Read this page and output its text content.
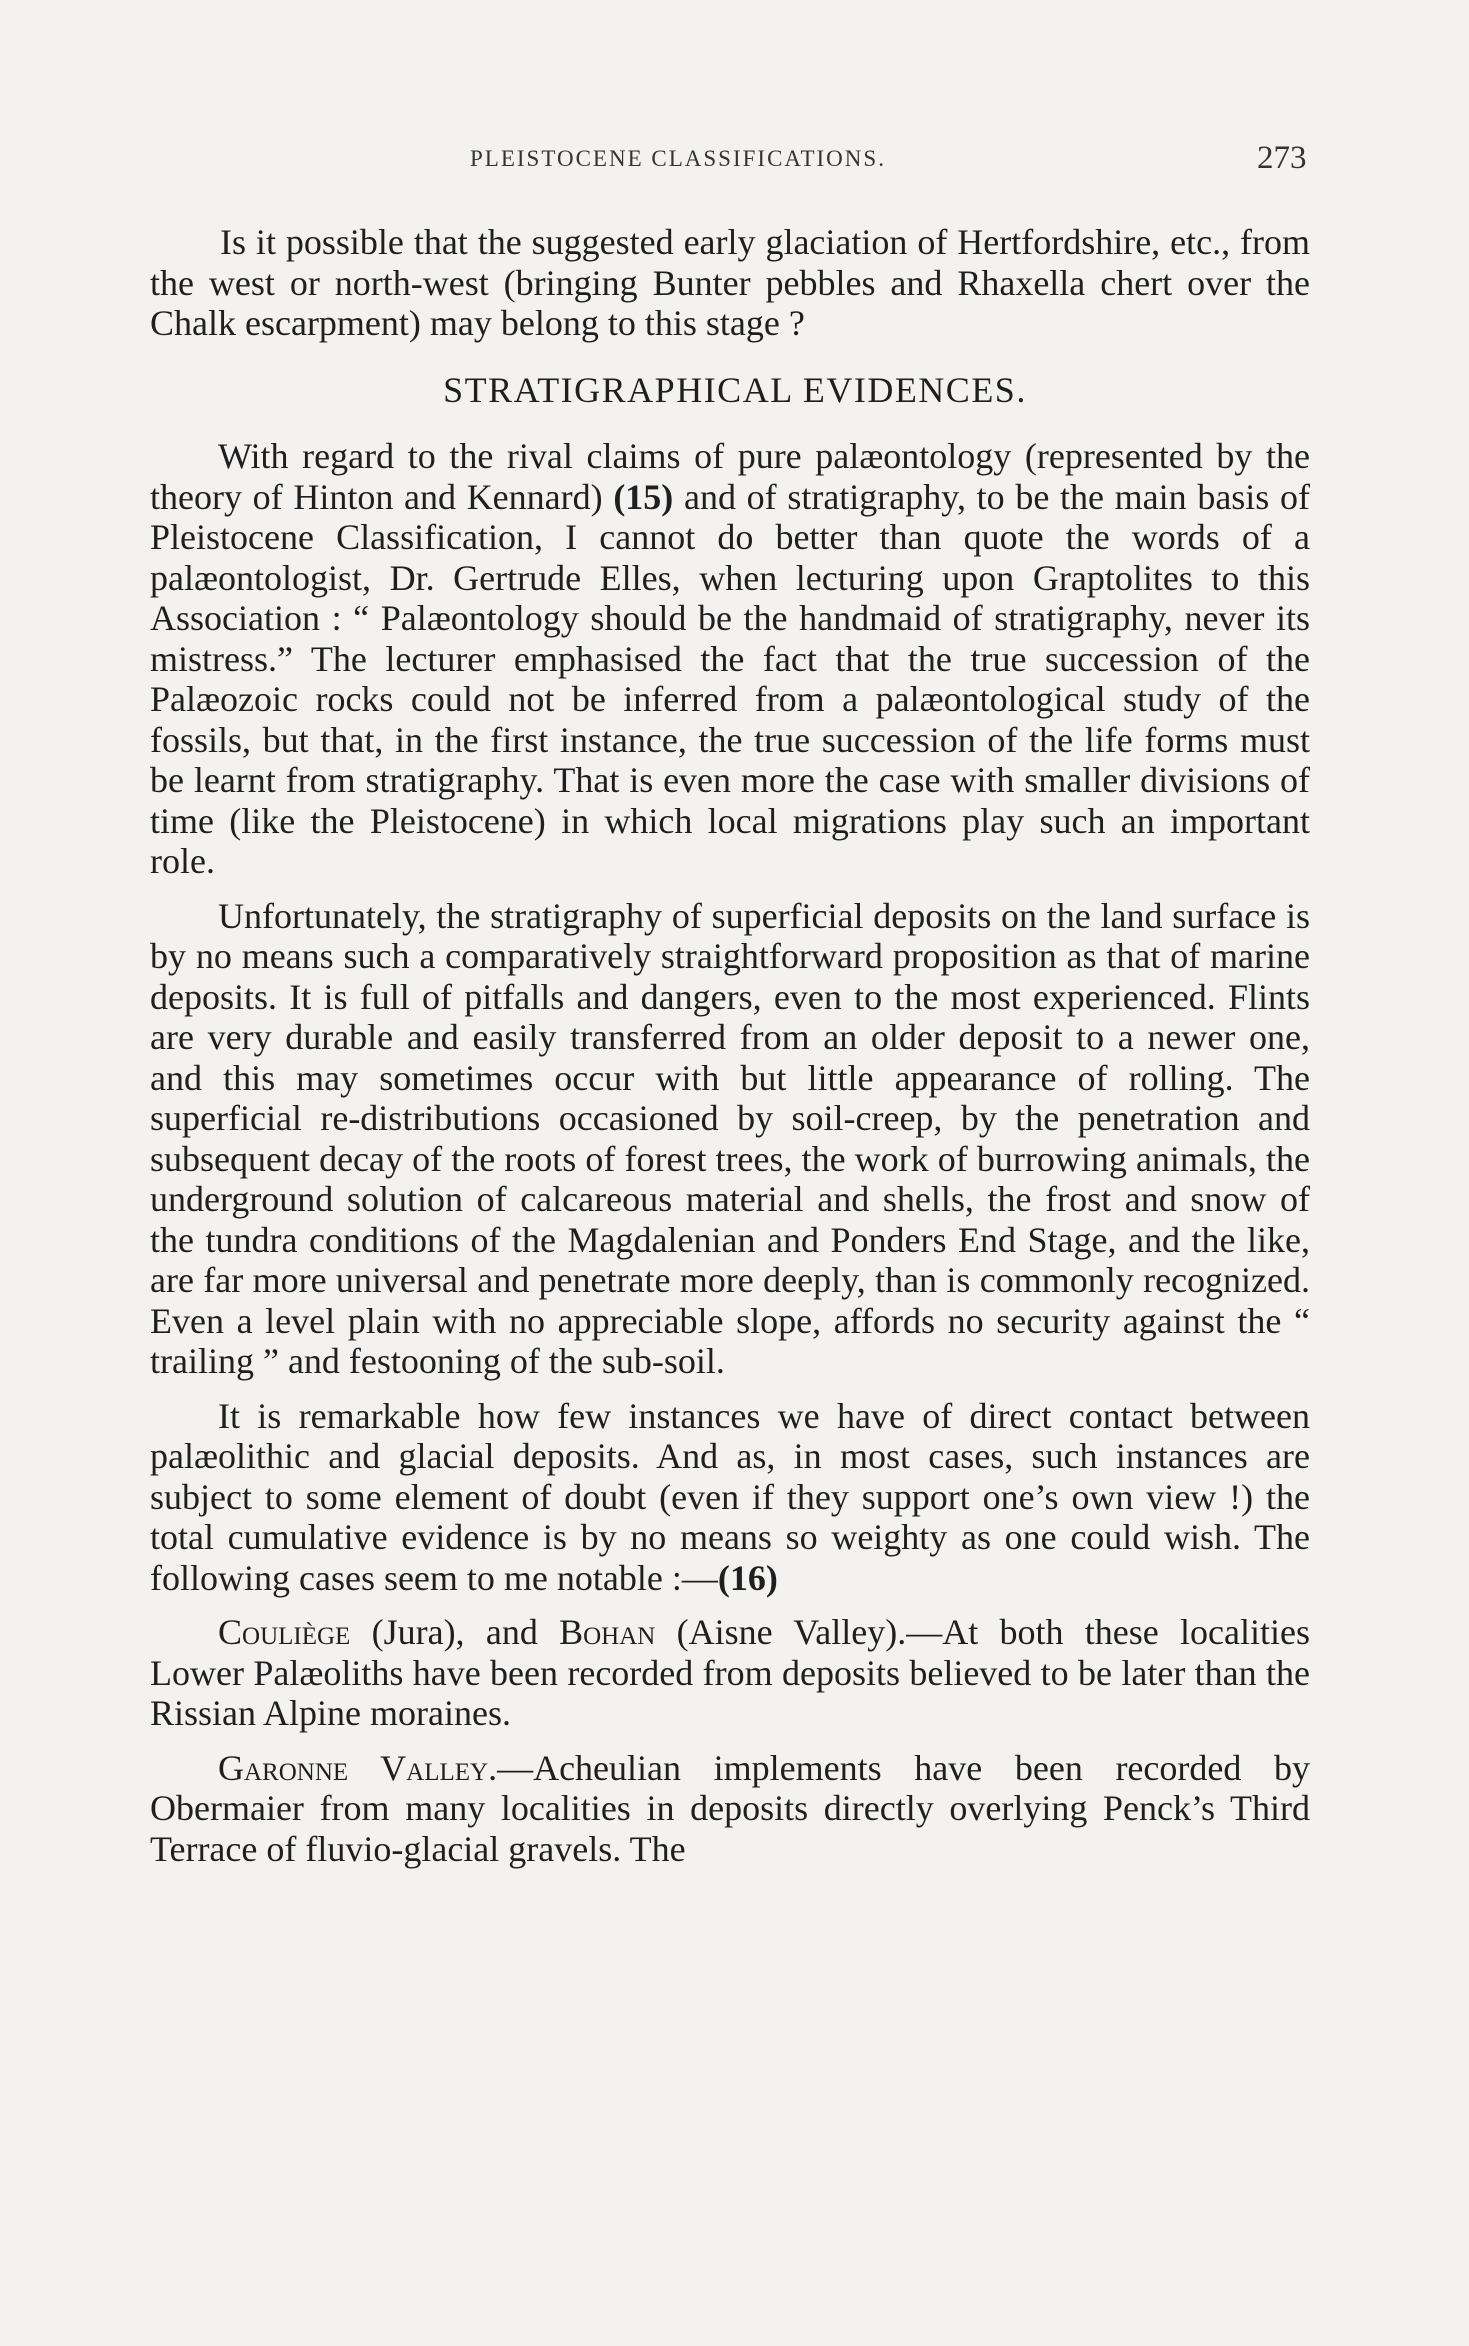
PLEISTOCENE CLASSIFICATIONS.	273

Is it possible that the suggested early glaciation of Hertfordshire, etc., from the west or north-west (bringing Bunter pebbles and Rhaxella chert over the Chalk escarpment) may belong to this stage ?

STRATIGRAPHICAL EVIDENCES.

With regard to the rival claims of pure palæontology (represented by the theory of Hinton and Kennard) (15) and of stratigraphy, to be the main basis of Pleistocene Classification, I cannot do better than quote the words of a palæontologist, Dr. Gertrude Elles, when lecturing upon Graptolites to this Association : “ Palæontology should be the handmaid of stratigraphy, never its mistress.” The lecturer emphasised the fact that the true succession of the Palæozoic rocks could not be inferred from a palæontological study of the fossils, but that, in the first instance, the true succession of the life forms must be learnt from stratigraphy. That is even more the case with smaller divisions of time (like the Pleistocene) in which local migrations play such an important role.

Unfortunately, the stratigraphy of superficial deposits on the land surface is by no means such a comparatively straightforward proposition as that of marine deposits. It is full of pitfalls and dangers, even to the most experienced. Flints are very durable and easily transferred from an older deposit to a newer one, and this may sometimes occur with but little appearance of rolling. The superficial re-distributions occasioned by soil-creep, by the penetration and subsequent decay of the roots of forest trees, the work of burrowing animals, the underground solution of calcareous material and shells, the frost and snow of the tundra conditions of the Magdalenian and Ponders End Stage, and the like, are far more universal and penetrate more deeply, than is commonly recognized. Even a level plain with no appreciable slope, affords no security against the “ trailing ” and festooning of the sub-soil.

It is remarkable how few instances we have of direct contact between palæolithic and glacial deposits. And as, in most cases, such instances are subject to some element of doubt (even if they support one’s own view !) the total cumulative evidence is by no means so weighty as one could wish. The following cases seem to me notable :—(16)

Couliège (Jura), and Bohan (Aisne Valley).—At both these localities Lower Palæoliths have been recorded from deposits believed to be later than the Rissian Alpine moraines.

Garonne Valley.—Acheulian implements have been recorded by Obermaier from many localities in deposits directly overlying Penck’s Third Terrace of fluvio-glacial gravels. The
